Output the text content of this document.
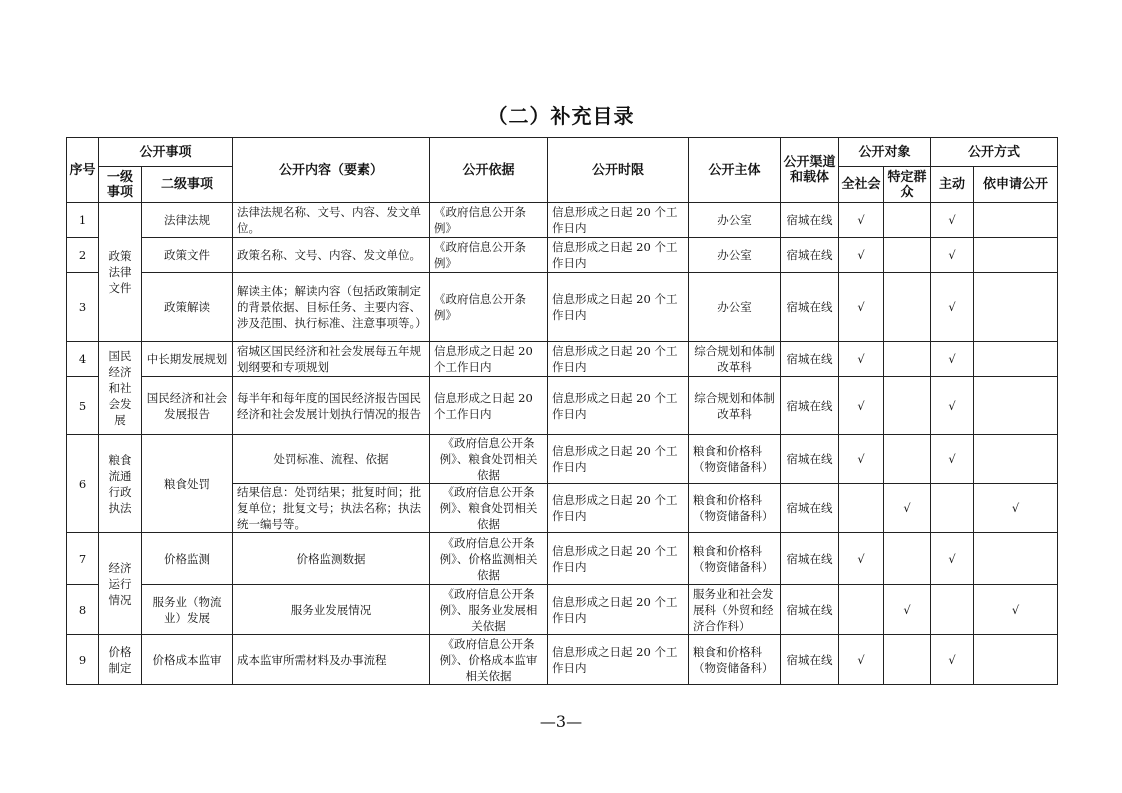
（二）补充目录
序号	公开事项		公开内容（要素）	公开依据	公开时限	公开主体	公开渠道和载体	公开对象		公开方式	
	一级事项	二级事项						全社会	特定群众	主动	依申请公开
1	政策法律文件	法律法规	法律法规名称、文号、内容、发文单位。	《政府信息公开条例》	信息形成之日起 20 个工作日内	办公室	宿城在线	√		√	
2		政策文件	政策名称、文号、内容、发文单位。	《政府信息公开条例》	信息形成之日起 20 个工作日内	办公室	宿城在线	√		√	
3		政策解读	解读主体；解读内容（包括政策制定的背景依据、目标任务、主要内容、涉及范围、执行标准、注意事项等。）	《政府信息公开条例》	信息形成之日起 20 个工作日内	办公室	宿城在线	√		√	
4	国民经济和社会发展	中长期发展规划	宿城区国民经济和社会发展每五年规划纲要和专项规划	信息形成之日起 20 个工作日内	信息形成之日起 20 个工作日内	综合规划和体制改革科	宿城在线	√		√	
5		国民经济和社会发展报告	每半年和每年度的国民经济报告国民经济和社会发展计划执行情况的报告	信息形成之日起 20 个工作日内	信息形成之日起 20 个工作日内	综合规划和体制改革科	宿城在线	√		√	
6	粮食流通行政执法	粮食处罚	处罚标准、流程、依据	《政府信息公开条例》、粮食处罚相关依据	信息形成之日起 20 个工作日内	粮食和价格科（物资储备科）	宿城在线	√		√	
			结果信息：处罚结果；批复时间；批复单位；批复文号；执法名称；执法统一编号等。	《政府信息公开条例》、粮食处罚相关依据	信息形成之日起 20 个工作日内	粮食和价格科（物资储备科）	宿城在线		√		√
7	经济运行情况	价格监测	价格监测数据	《政府信息公开条例》、价格监测相关依据	信息形成之日起 20 个工作日内	粮食和价格科（物资储备科）	宿城在线	√		√	
8		服务业（物流业）发展	服务业发展情况	《政府信息公开条例》、服务业发展相关依据	信息形成之日起 20 个工作日内	服务业和社会发展科（外贸和经济合作科）	宿城在线		√		√
9	价格制定	价格成本监审	成本监审所需材料及办事流程	《政府信息公开条例》、价格成本监审相关依据	信息形成之日起 20 个工作日内	粮食和价格科（物资储备科）	宿城在线	√		√	
—3—
